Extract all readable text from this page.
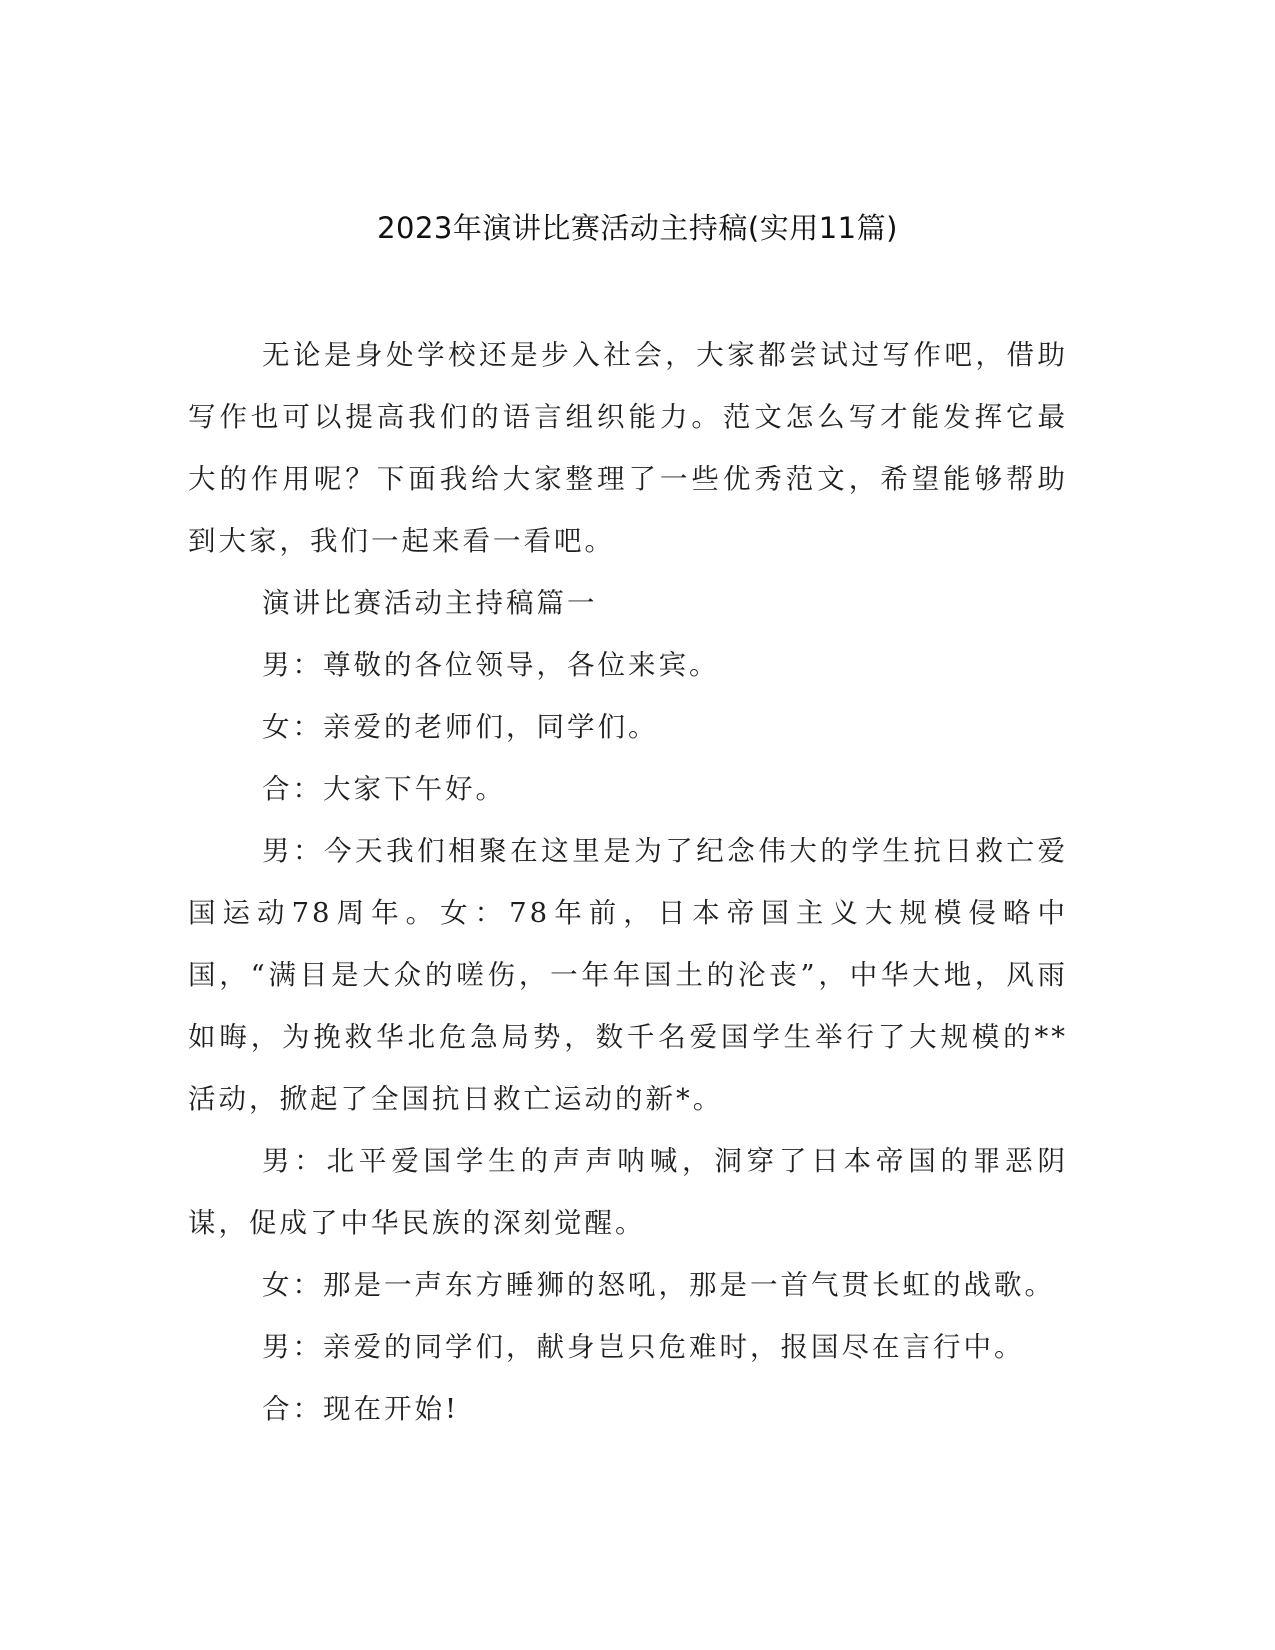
2023年演讲比赛活动主持稿(实用11篇)

无论是身处学校还是步入社会，大家都尝试过写作吧，借助写作也可以提高我们的语言组织能力。范文怎么写才能发挥它最大的作用呢？下面我给大家整理了一些优秀范文，希望能够帮助到大家，我们一起来看一看吧。

演讲比赛活动主持稿篇一

男：尊敬的各位领导，各位来宾。

女：亲爱的老师们，同学们。

合：大家下午好。

男：今天我们相聚在这里是为了纪念伟大的学生抗日救亡爱国运动78周年。女：78年前，日本帝国主义大规模侵略中国，“满目是大众的嗟伤，一年年国土的沦丧”，中华大地，风雨如晦，为挽救华北危急局势，数千名爱国学生举行了大规模的**活动，掀起了全国抗日救亡运动的新*。

男：北平爱国学生的声声呐喊，洞穿了日本帝国的罪恶阴谋，促成了中华民族的深刻觉醒。

女：那是一声东方睡狮的怒吼，那是一首气贯长虹的战歌。

男：亲爱的同学们，献身岂只危难时，报国尽在言行中。

合：现在开始!
